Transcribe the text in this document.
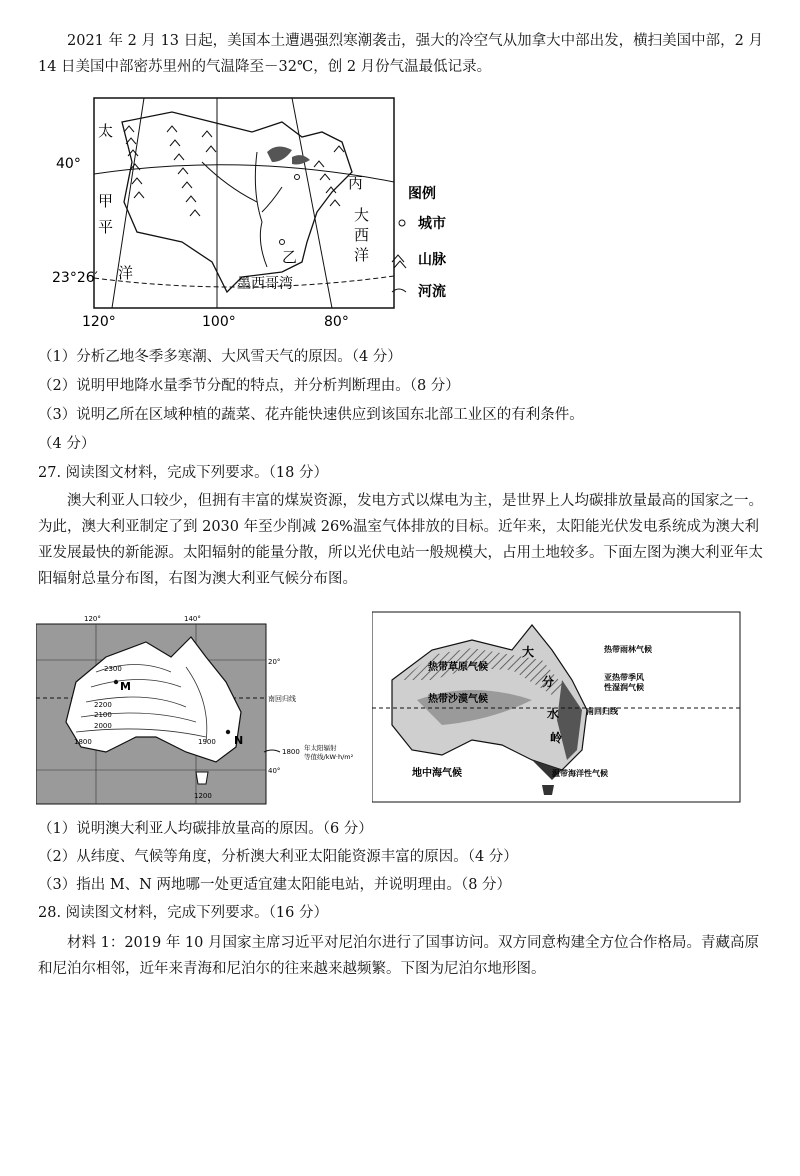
2021 年 2 月 13 日起，美国本土遭遇强烈寒潮袭击，强大的冷空气从加拿大中部出发，横扫美国中部，2 月 14 日美国中部密苏里州的气温降至－32℃，创 2 月份气温最低记录。

40°
23°26′
120°	100°	80°
太
甲
平
洋
乙
丙
大
西
洋
墨西哥湾
图例
城市
山脉
河流
（1）分析乙地冬季多寒潮、大风雪天气的原因。（4 分）
（2）说明甲地降水量季节分配的特点，并分析判断理由。（8 分）
（3）说明乙所在区域种植的蔬菜、花卉能快速供应到该国东北部工业区的有利条件。
（4 分）
27. 阅读图文材料，完成下列要求。（18 分）

澳大利亚人口较少，但拥有丰富的煤炭资源，发电方式以煤电为主，是世界上人均碳排放量最高的国家之一。为此，澳大利亚制定了到 2030 年至少削减 26%温室气体排放的目标。近年来，太阳能光伏发电系统成为澳大利亚发展最快的新能源。太阳辐射的能量分散，所以光伏电站一般规模大，占用土地较多。下面左图为澳大利亚年太阳辐射总量分布图，右图为澳大利亚气候分布图。

M
N
120°	140°
20°
南回归线
40°
2300
2200
2100
2000
1800	1900
1200
1800 年太阳辐射
等值线/kW·h/m²
热带草原气候
热带雨林气候
亚热带季风
性湿润气候
热带沙漠气候
大
分
水
岭
南回归线
地中海气候	温带海洋性气候
（1）说明澳大利亚人均碳排放量高的原因。（6 分）
（2）从纬度、气候等角度，分析澳大利亚太阳能资源丰富的原因。（4 分）
（3）指出 M、N 两地哪一处更适宜建太阳能电站，并说明理由。（8 分）
28. 阅读图文材料，完成下列要求。（16 分）

材料 1：2019 年 10 月国家主席习近平对尼泊尔进行了国事访问。双方同意构建全方位合作格局。青藏高原和尼泊尔相邻，近年来青海和尼泊尔的往来越来越频繁。下图为尼泊尔地形图。
